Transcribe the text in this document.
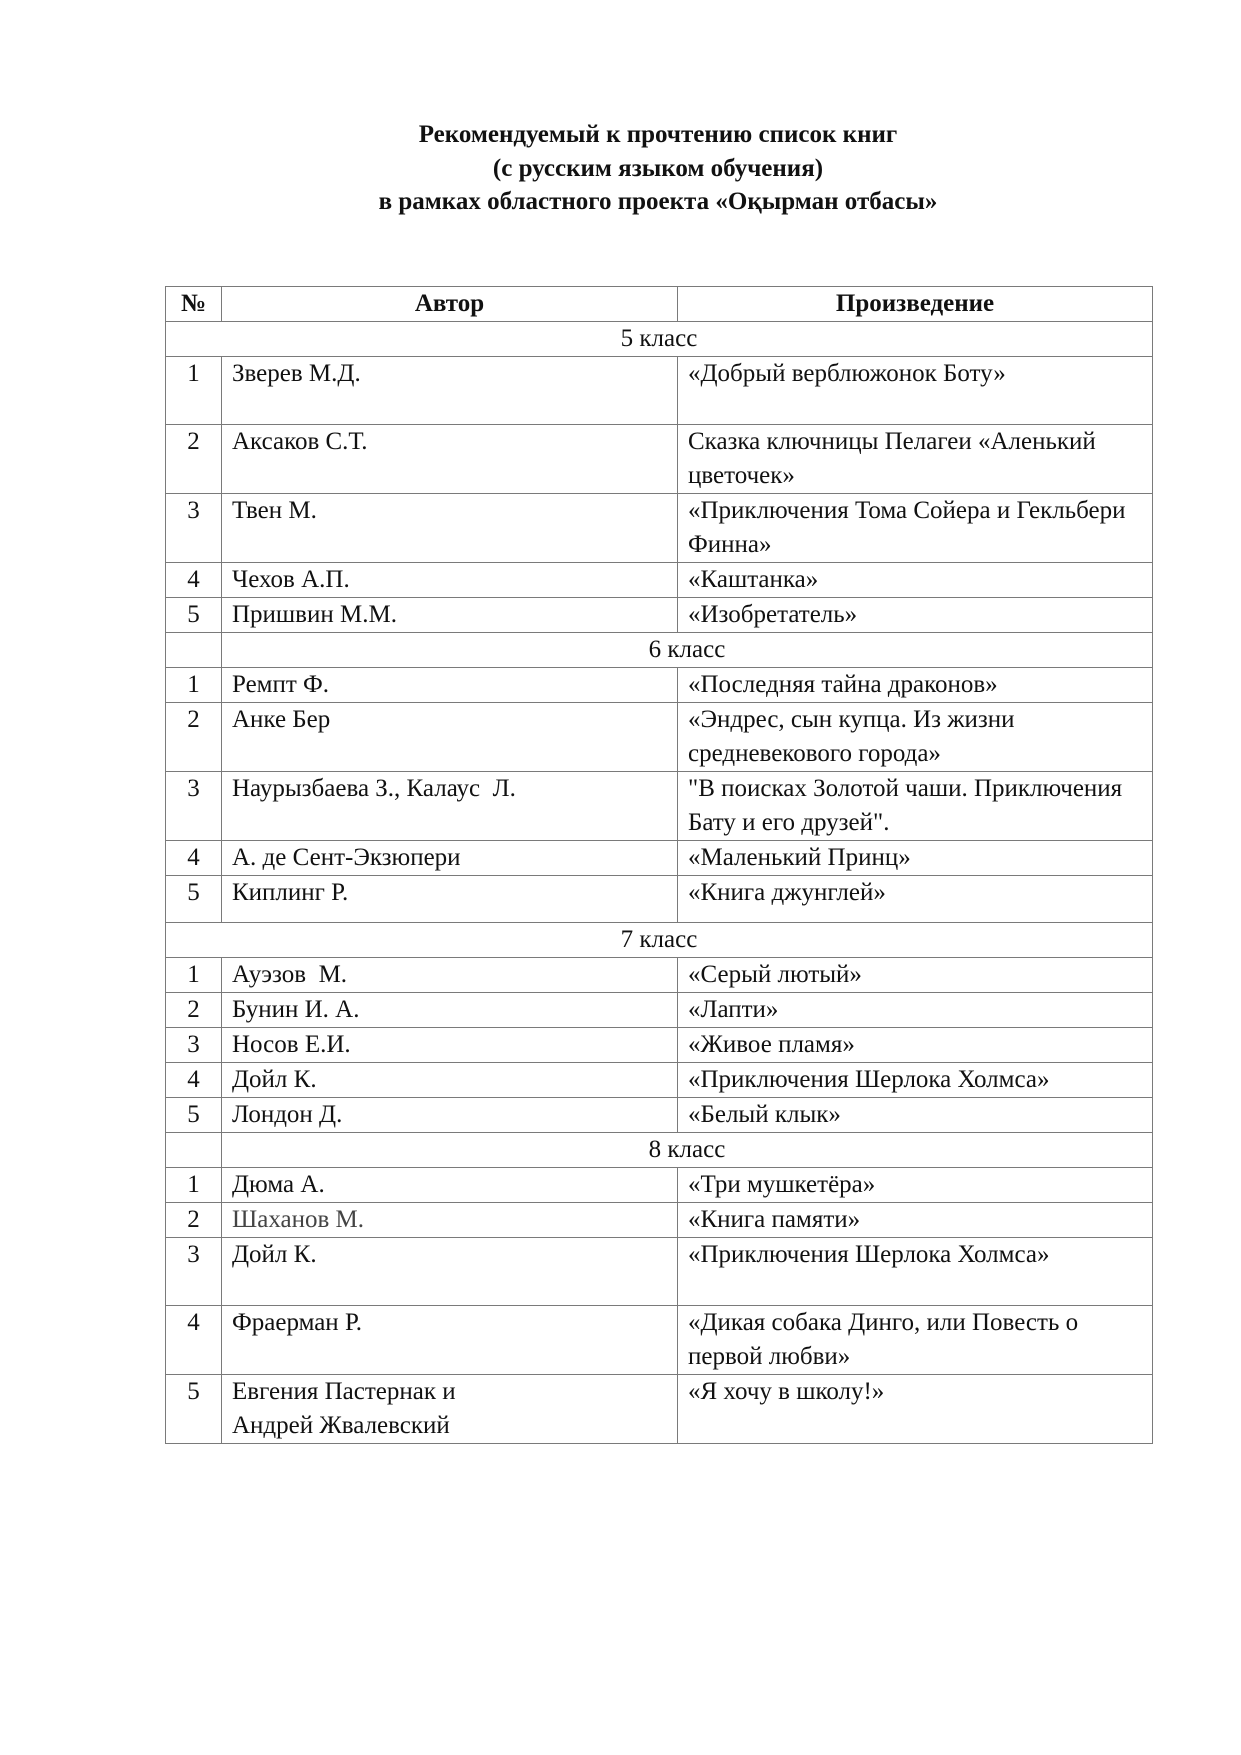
Рекомендуемый к прочтению список книг
(с русским языком обучения)
в рамках областного проекта «Оқырман отбасы»
№	Автор	Произведение
5 класс		
1	Зверев М.Д.	«Добрый верблюжонок Боту»
2	Аксаков С.Т.	Сказка ключницы Пелагеи «Аленький цветочек»
3	Твен М.	«Приключения Тома Сойера и Гекльбери Финна»
4	Чехов А.П.	«Каштанка»
5	Пришвин М.М.	«Изобретатель»
	6 класс	
1	Ремпт Ф.	«Последняя тайна драконов»
2	Анке Бер	«Эндрес, сын купца. Из жизни средневекового города»
3	Наурызбаева З., Калаус  Л.	"В поисках Золотой чаши. Приключения Бату и его друзей".
4	А. де Сент-Экзюпери	«Маленький Принц»
5	Киплинг Р.	«Книга джунглей»
7 класс		
1	Ауэзов  М.	«Серый лютый»
2	Бунин И. А.	«Лапти»
3	Носов Е.И.	«Живое пламя»
4	Дойл К.	«Приключения Шерлока Холмса»
5	Лондон Д.	«Белый клык»
	8 класс	
1	Дюма А.	«Три мушкетёра»
2	Шаханов М.	«Книга памяти»
3	Дойл К.	«Приключения Шерлока Холмса»
4	Фраерман Р.	«Дикая собака Динго, или Повесть о первой любви»
5	Евгения Пастернак и Андрей Жвалевский	«Я хочу в школу!»
